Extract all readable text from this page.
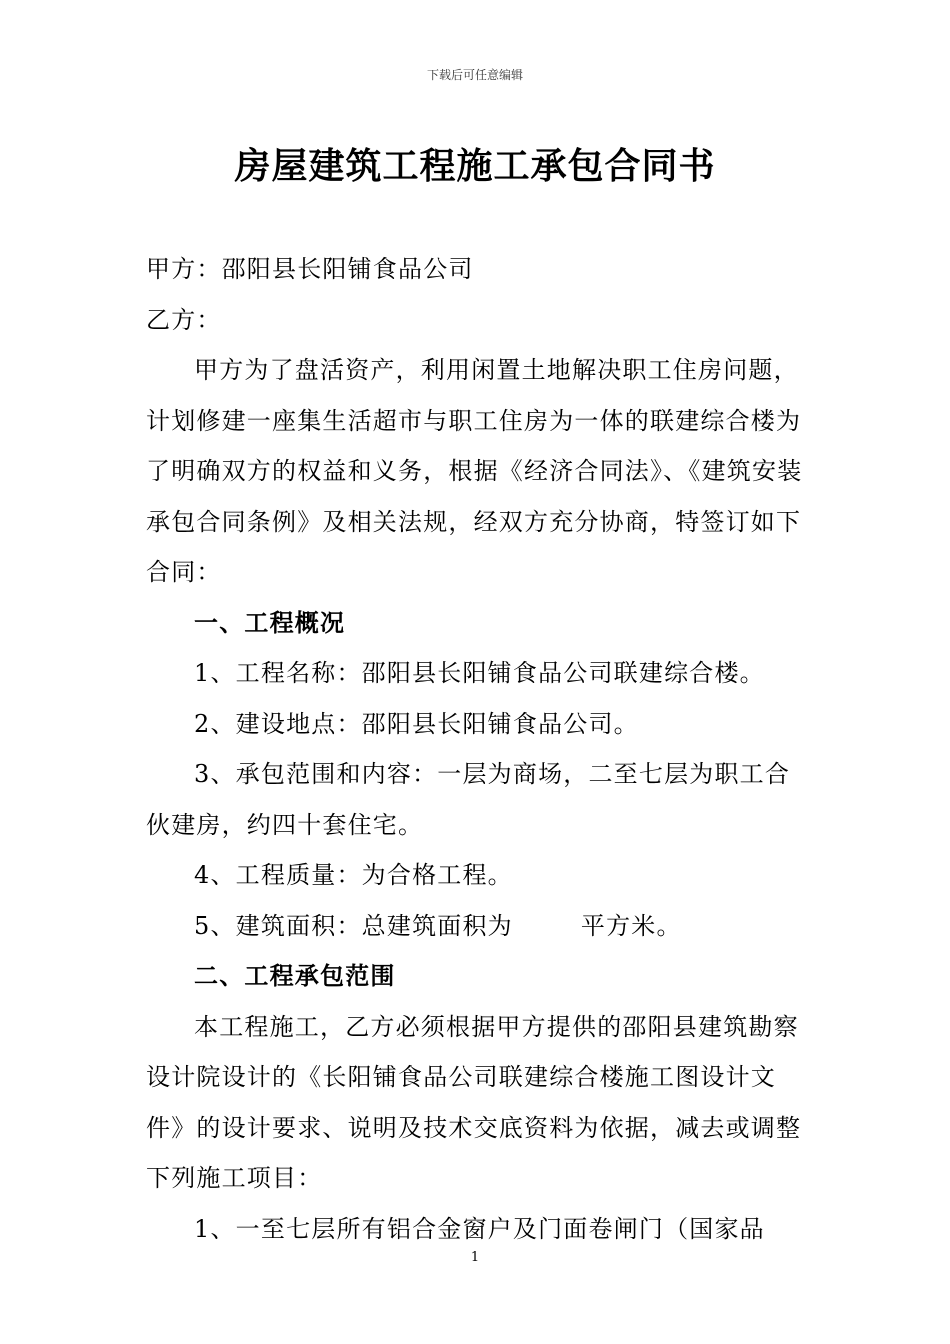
下载后可任意编辑
房屋建筑工程施工承包合同书

甲方：邵阳县长阳铺食品公司

乙方：

甲方为了盘活资产，利用闲置土地解决职工住房问题，计划修建一座集生活超市与职工住房为一体的联建综合楼为了明确双方的权益和义务，根据《经济合同法》、《建筑安装承包合同条例》及相关法规，经双方充分协商，特签订如下合同：

一、工程概况

1、工程名称：邵阳县长阳铺食品公司联建综合楼。

2、建设地点：邵阳县长阳铺食品公司。

3、承包范围和内容：一层为商场，二至七层为职工合伙建房，约四十套住宅。

4、工程质量：为合格工程。

5、建筑面积：总建筑面积为	平方米。

二、工程承包范围

本工程施工，乙方必须根据甲方提供的邵阳县建筑勘察设计院设计的《长阳铺食品公司联建综合楼施工图设计文件》的设计要求、说明及技术交底资料为依据，减去或调整下列施工项目：

1、一至七层所有铝合金窗户及门面卷闸门（国家品

1
